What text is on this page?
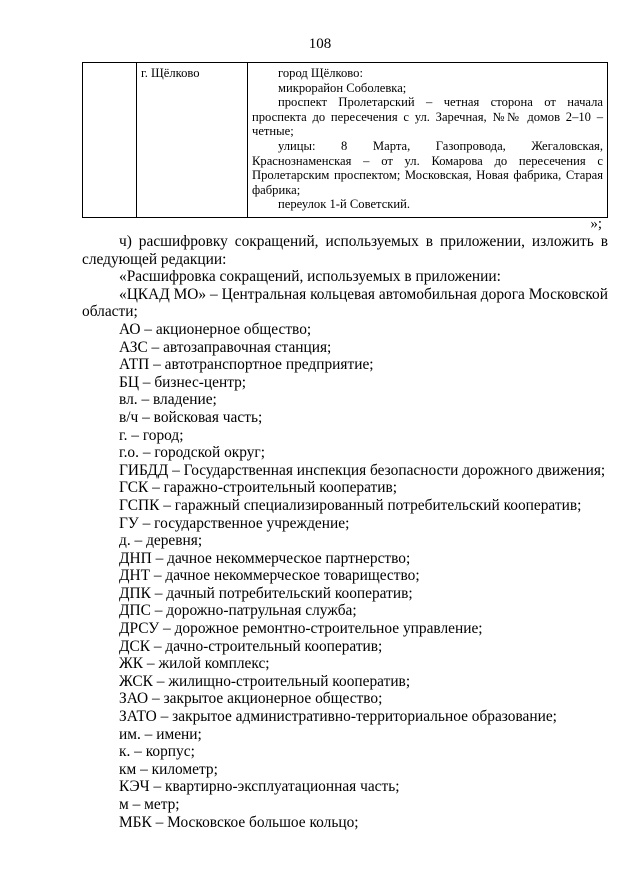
108
	г. Щёлково	город Щёлково:
микрорайон Соболевка;
проспект Пролетарский – четная сторона от начала проспекта до пересечения с ул. Заречная, №№ домов 2–10 –четные;
улицы: 8 Марта, Газопровода, Жегаловская, Краснознаменская – от ул. Комарова до пересечения с Пролетарским проспектом; Московская, Новая фабрика, Старая фабрика;
переулок 1-й Советский.
»;

ч) расшифровку сокращений, используемых в приложении, изложить в следующей редакции:

«Расшифровка сокращений, используемых в приложении:

«ЦКАД МО» – Центральная кольцевая автомобильная дорога Московской области;

АО – акционерное общество;

АЗС – автозаправочная станция;

АТП – автотранспортное предприятие;

БЦ – бизнес-центр;

вл. – владение;

в/ч – войсковая часть;

г. – город;

г.о. – городской округ;

ГИБДД – Государственная инспекция безопасности дорожного движения;

ГСК – гаражно-строительный кооператив;

ГСПК – гаражный специализированный потребительский кооператив;

ГУ – государственное учреждение;

д. – деревня;

ДНП – дачное некоммерческое партнерство;

ДНТ – дачное некоммерческое товарищество;

ДПК – дачный потребительский кооператив;

ДПС – дорожно-патрульная служба;

ДРСУ – дорожное ремонтно-строительное управление;

ДСК – дачно-строительный кооператив;

ЖК – жилой комплекс;

ЖСК – жилищно-строительный кооператив;

ЗАО – закрытое акционерное общество;

ЗАТО – закрытое административно-территориальное образование;

им. – имени;

к. – корпус;

км – километр;

КЭЧ – квартирно-эксплуатационная часть;

м – метр;

МБК – Московское большое кольцо;
